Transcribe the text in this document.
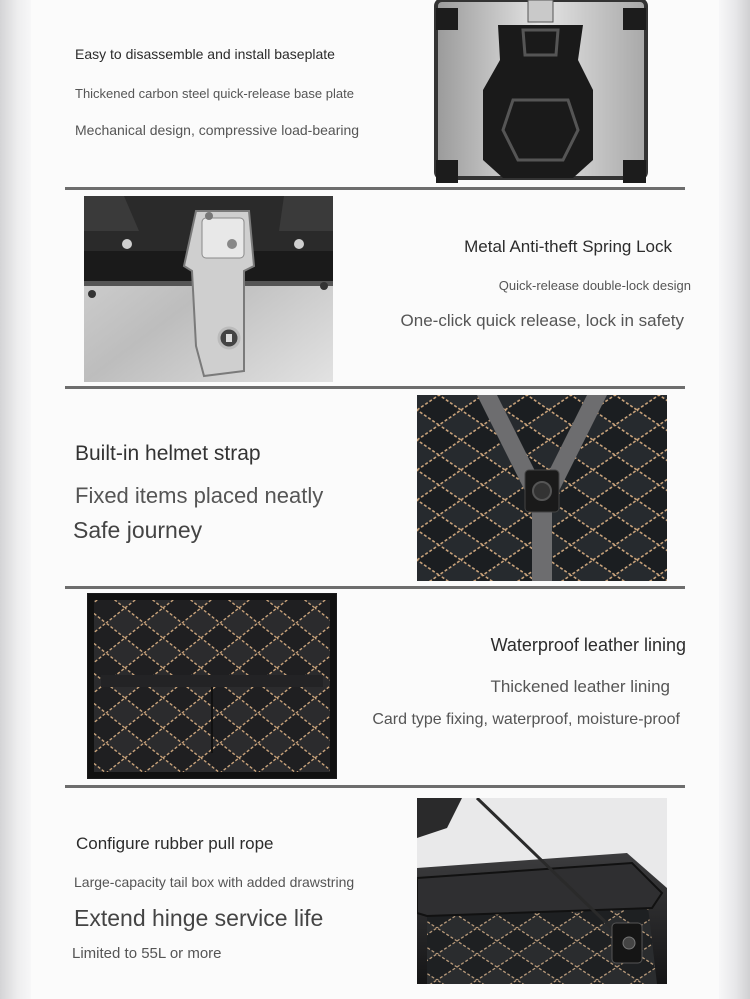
Easy to disassemble and install baseplate
Thickened carbon steel quick-release base plate
Mechanical design, compressive load-bearing
Metal Anti-theft Spring Lock
Quick-release double-lock design
One-click quick release, lock in safety
Built-in helmet strap
Fixed items placed neatly
Safe journey
Waterproof leather lining
Thickened leather lining
Card type fixing, waterproof, moisture-proof
Configure rubber pull rope
Large-capacity tail box with added drawstring
Extend hinge service life
Limited to 55L or more
